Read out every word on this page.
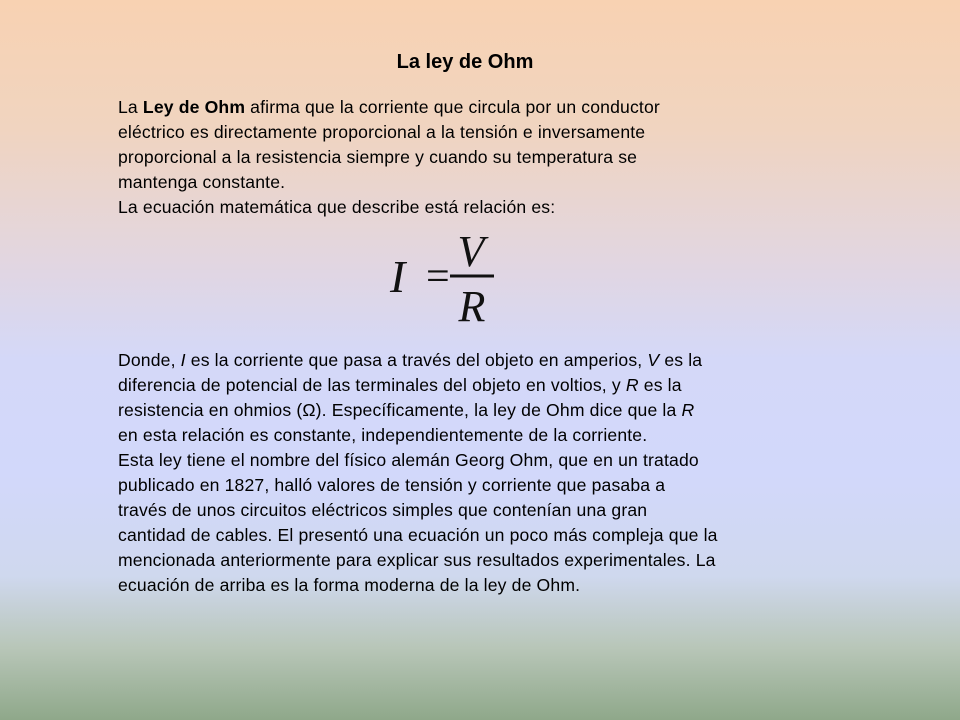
La ley de Ohm
La Ley de Ohm afirma que la corriente que circula por un conductor
eléctrico es directamente proporcional a la tensión e inversamente
proporcional a la resistencia siempre y cuando su temperatura se
mantenga constante.
La ecuación matemática que describe está relación es:
I =
V
R
Donde, I es la corriente que pasa a través del objeto en amperios, V es la
diferencia de potencial de las terminales del objeto en voltios, y R es la
resistencia en ohmios (Ω). Específicamente, la ley de Ohm dice que la R
en esta relación es constante, independientemente de la corriente.
Esta ley tiene el nombre del físico alemán Georg Ohm, que en un tratado
publicado en 1827, halló valores de tensión y corriente que pasaba a
través de unos circuitos eléctricos simples que contenían una gran
cantidad de cables. El presentó una ecuación un poco más compleja que la
mencionada anteriormente para explicar sus resultados experimentales. La
ecuación de arriba es la forma moderna de la ley de Ohm.
